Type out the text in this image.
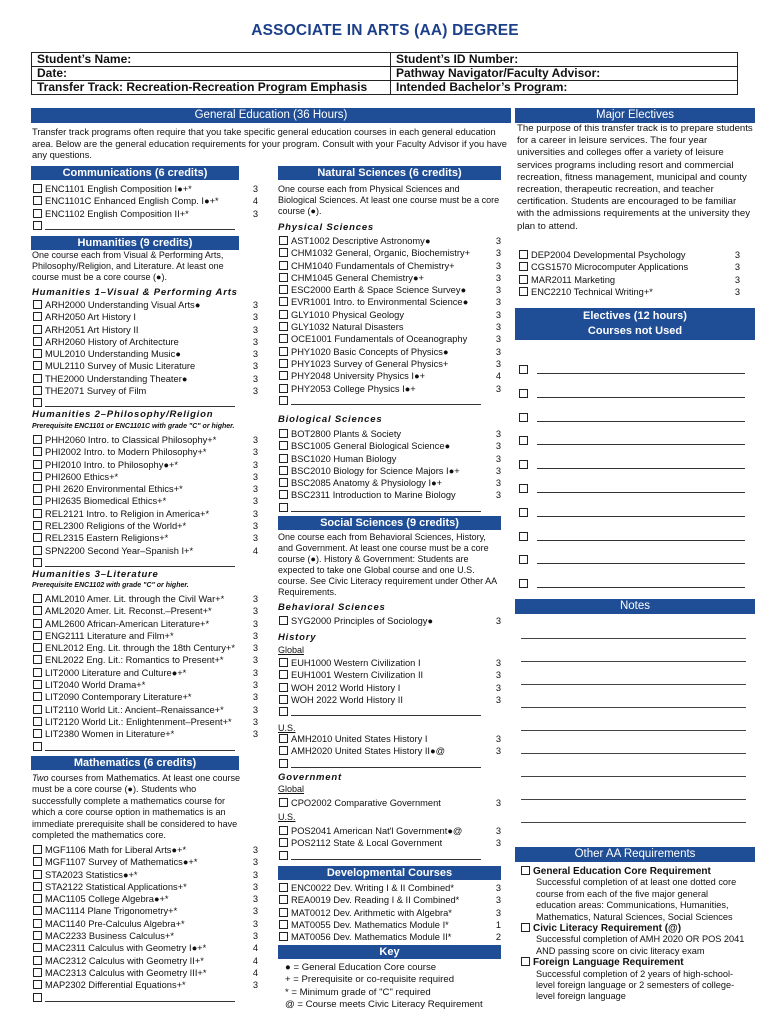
ASSOCIATE IN ARTS (AA) DEGREE
Student’s Name:	Student’s ID Number:
Date:	Pathway Navigator/Faculty Advisor:
Transfer Track: Recreation-Recreation Program Emphasis	Intended Bachelor’s Program:
General Education (36 Hours)
Transfer track programs often require that you take specific general education courses in each general education area. Below are the general education requirements for your program. Consult with your Faculty Advisor if you have any questions.
Major Electives
The purpose of this transfer track is to prepare students for a career in leisure services. The four year universities and colleges offer a variety of leisure services programs including resort and commercial recreation, fitness management, municipal and county recreation, therapeutic recreation, and teacher certification. Students are encouraged to be familiar with the admissions requirements at the university they plan to attend.
DEP2004 Developmental Psychology	3
CGS1570 Microcomputer Applications	3
MAR2011 Marketing	3
ENC2210 Technical Writing+*	3
Electives (12 hours)
Courses not Used
Notes
Other AA Requirements
General Education Core Requirement
Successful completion of at least one dotted core course from each of the five major general education areas: Communications, Humanities, Mathematics, Natural Sciences, Social Sciences
Civic Literacy Requirement (@)
Successful completion of AMH 2020 OR POS 2041 AND passing score on civic literacy exam
Foreign Language Requirement
Successful completion of 2 years of high-school-level foreign language or 2 semesters of college-level foreign language
Communications (6 credits)
ENC1101 English Composition I●+*	3
ENC1101C Enhanced English Comp. I●+*	4
ENC1102 English Composition II+*	3
Humanities (9 credits)
One course each from Visual & Performing Arts, Philosophy/Religion, and Literature. At least one course must be a core course (●).
Humanities 1–Visual & Performing Arts
ARH2000 Understanding Visual Arts●	3
ARH2050 Art History I	3
ARH2051 Art History II	3
ARH2060 History of Architecture	3
MUL2010 Understanding Music●	3
MUL2110 Survey of Music Literature	3
THE2000 Understanding Theater●	3
THE2071 Survey of Film	3
Humanities 2–Philosophy/Religion
Prerequisite ENC1101 or ENC1101C with grade "C" or higher.
PHH2060 Intro. to Classical Philosophy+*	3
PHI2002 Intro. to Modern Philosophy+*	3
PHI2010 Intro. to Philosophy●+*	3
PHI2600 Ethics+*	3
PHI 2620 Environmental Ethics+*	3
PHI2635 Biomedical Ethics+*	3
REL2121 Intro. to Religion in America+*	3
REL2300 Religions of the World+*	3
REL2315 Eastern Religions+*	3
SPN2200 Second Year–Spanish I+*	4
Humanities 3–Literature
Prerequisite ENC1102 with grade "C" or higher.
AML2010 Amer. Lit. through the Civil War+*	3
AML2020 Amer. Lit. Reconst.–Present+*	3
AML2600 African-American Literature+*	3
ENG2111 Literature and Film+*	3
ENL2012 Eng. Lit. through the 18th Century+* 3
ENL2022 Eng. Lit.: Romantics to Present+*	3
LIT2000 Literature and Culture●+*	3
LIT2040 World Drama+*	3
LIT2090 Contemporary Literature+*	3
LIT2110 World Lit.: Ancient–Renaissance+*	3
LIT2120 World Lit.: Enlightenment–Present+* 3
LIT2380 Women in Literature+*	3
Mathematics (6 credits)
Two courses from Mathematics. At least one course must be a core course (●). Students who successfully complete a mathematics course for which a core course option in mathematics is an immediate prerequisite shall be considered to have completed the mathematics core.
MGF1106 Math for Liberal Arts●+*	3
MGF1107 Survey of Mathematics●+*	3
STA2023 Statistics●+*	3
STA2122 Statistical Applications+*	3
MAC1105 College Algebra●+*	3
MAC1114 Plane Trigonometry+*	3
MAC1140 Pre-Calculus Algebra+*	3
MAC2233 Business Calculus+*	3
MAC2311 Calculus with Geometry I●+*	4
MAC2312 Calculus with Geometry II+*	4
MAC2313 Calculus with Geometry III+*	4
MAP2302 Differential Equations+*	3
Natural Sciences (6 credits)
One course each from Physical Sciences and Biological Sciences. At least one course must be a core course (●).
Physical Sciences
AST1002 Descriptive Astronomy●	3
CHM1032 General, Organic, Biochemistry+	3
CHM1040 Fundamentals of Chemistry+	3
CHM1045 General Chemistry●+	3
ESC2000 Earth & Space Science Survey●	3
EVR1001 Intro. to Environmental Science●	3
GLY1010 Physical Geology	3
GLY1032 Natural Disasters	3
OCE1001 Fundamentals of Oceanography	3
PHY1020 Basic Concepts of Physics●	3
PHY1023 Survey of General Physics+	3
PHY2048 University Physics I●+	4
PHY2053 College Physics I●+	3
Biological Sciences
BOT2800 Plants & Society	3
BSC1005 General Biological Science●	3
BSC1020 Human Biology	3
BSC2010 Biology for Science Majors I●+	3
BSC2085 Anatomy & Physiology I●+	3
BSC2311 Introduction to Marine Biology	3
Social Sciences (9 credits)
One course each from Behavioral Sciences, History, and Government. At least one course must be a core course (●). History & Government: Students are expected to take one Global course and one U.S. course. See Civic Literacy requirement under Other AA Requirements.
Behavioral Sciences
SYG2000 Principles of Sociology●	3
History
Global
EUH1000 Western Civilization I	3
EUH1001 Western Civilization II	3
WOH 2012 World History I	3
WOH 2022 World History II	3
U.S.
AMH2010 United States History I	3
AMH2020 United States History II●@	3
Government
Global
CPO2002 Comparative Government	3
U.S.
POS2041 American Nat'l Government●@	3
POS2112 State & Local Government	3
Developmental Courses
ENC0022 Dev. Writing I & II Combined*	3
REA0019 Dev. Reading I & II Combined*	3
MAT0012 Dev. Arithmetic with Algebra*	3
MAT0055 Dev. Mathematics Module I*	1
MAT0056 Dev. Mathematics Module II*	2
Key
● = General Education Core course
+ = Prerequisite or co-requisite required
* = Minimum grade of "C" required
@ = Course meets Civic Literacy Requirement
